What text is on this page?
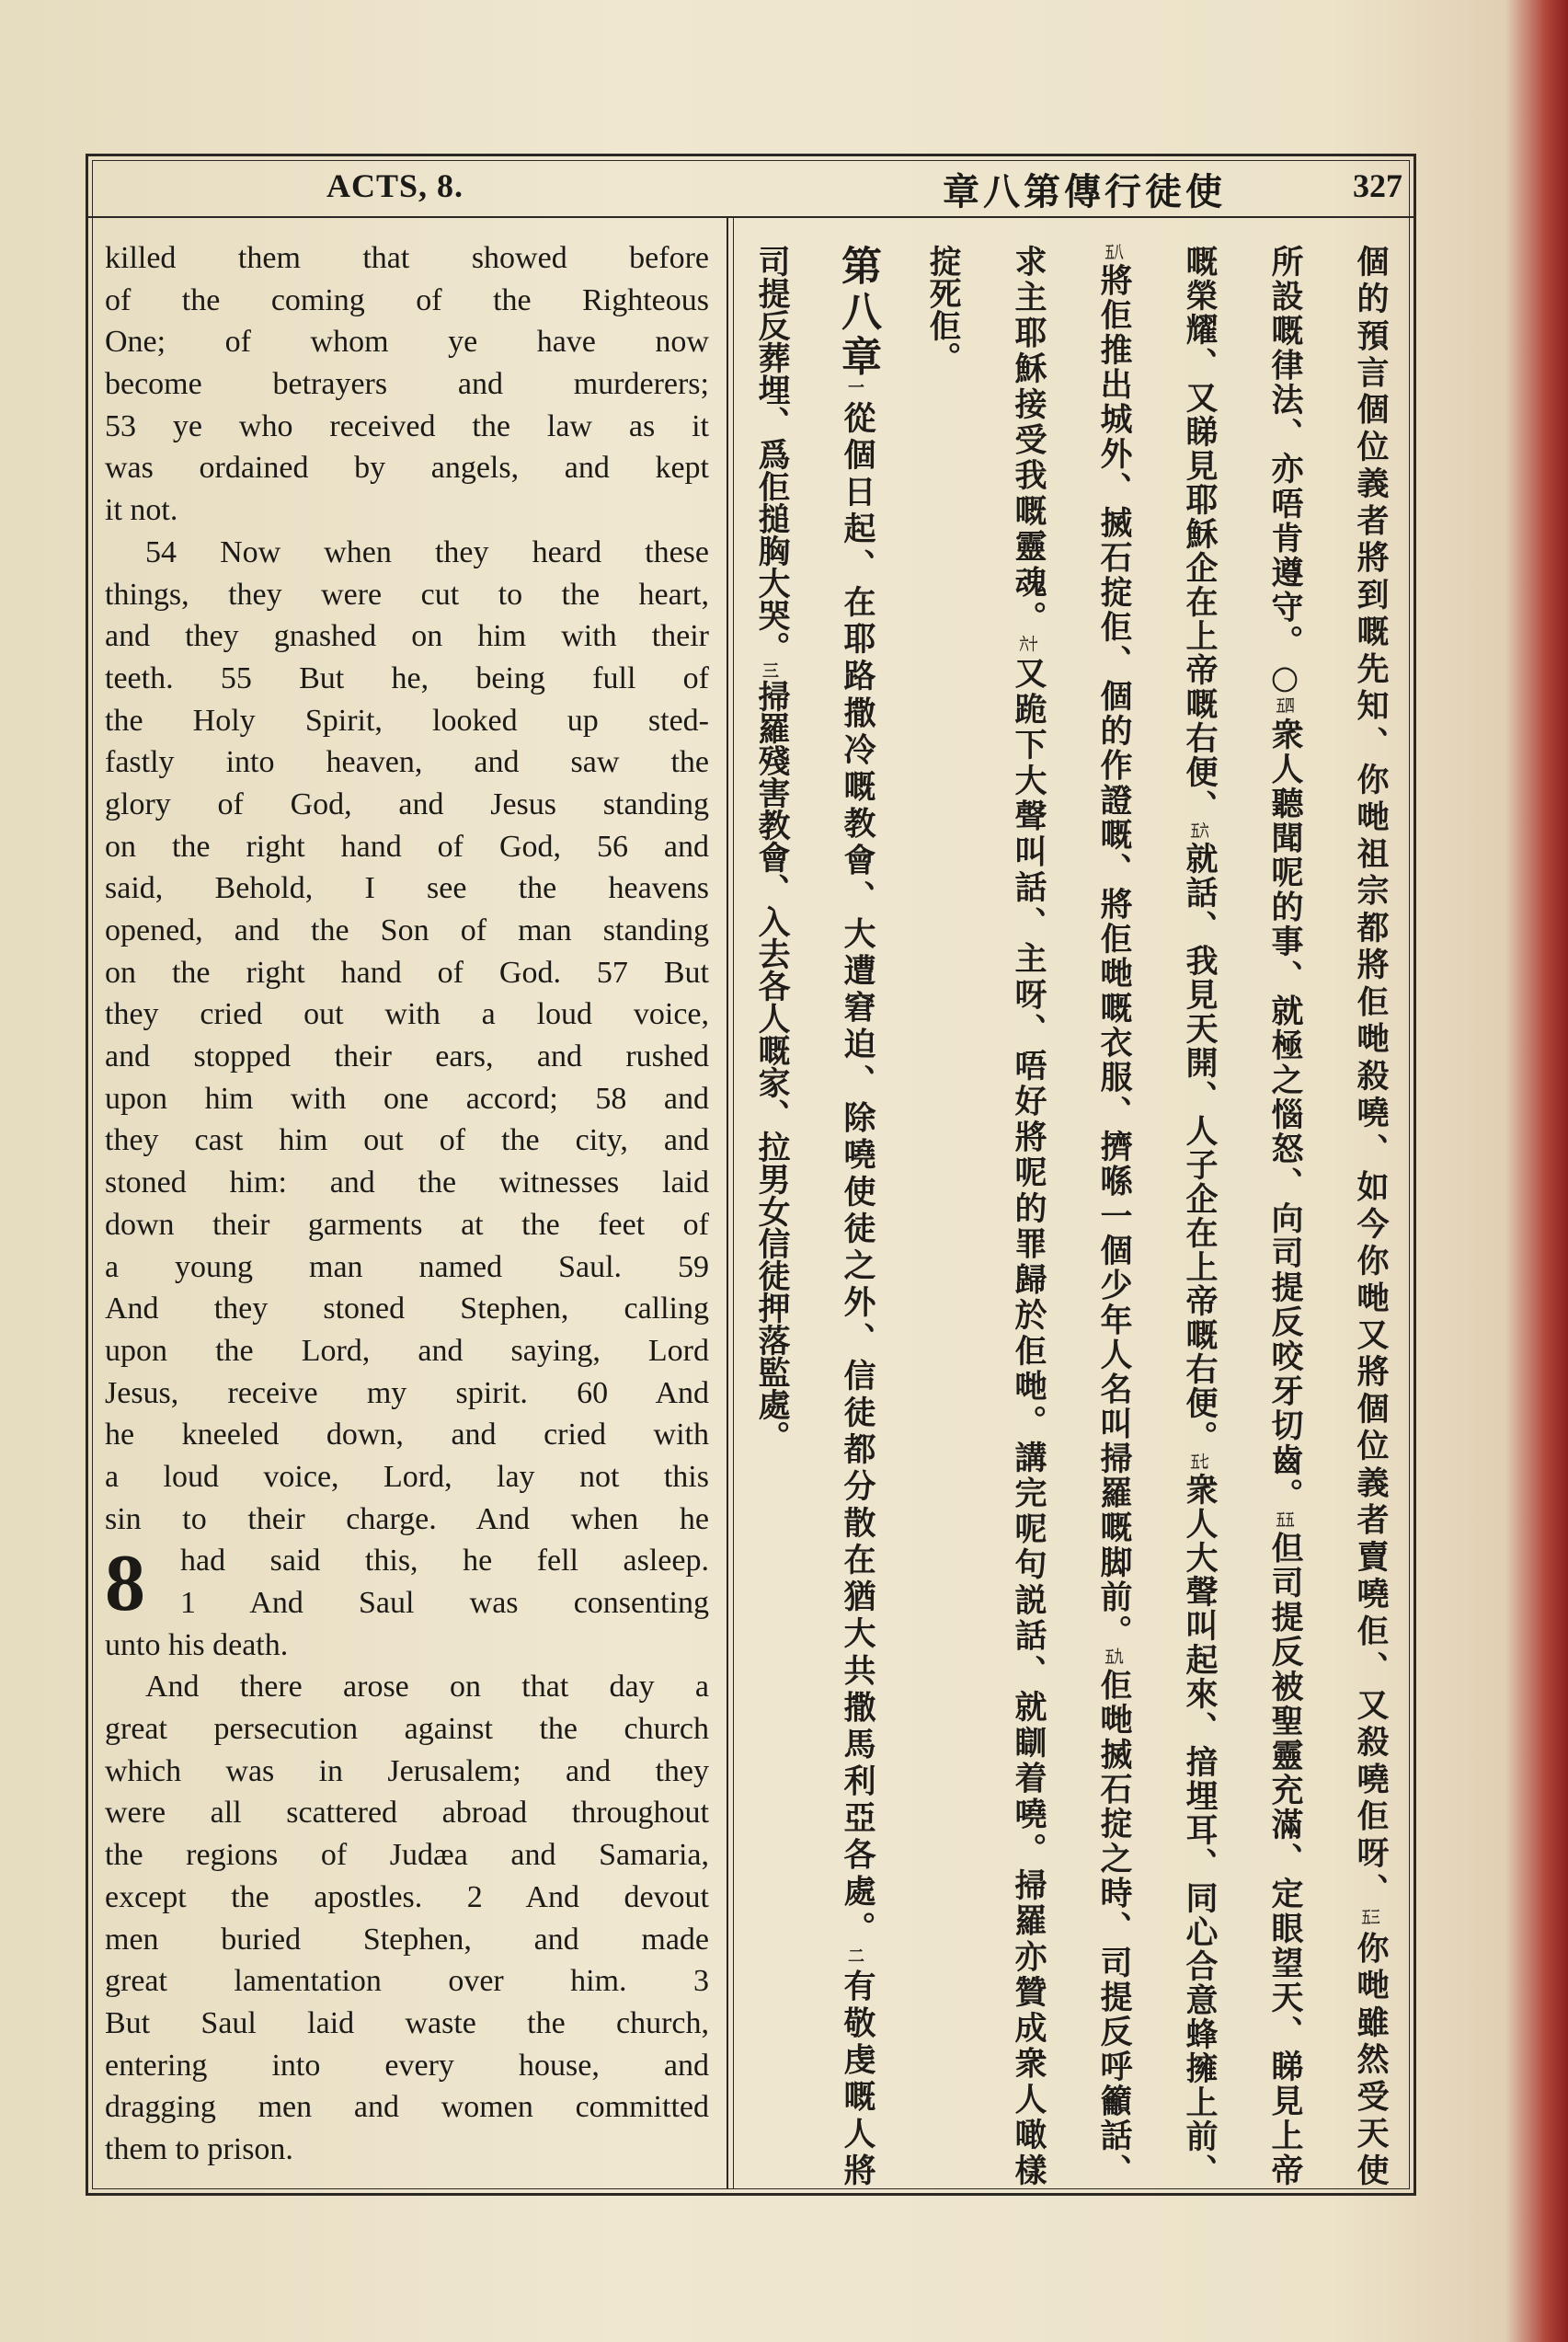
ACTS, 8.	章八第傳行徒使	327
killed them that showed before
of the coming of the Righteous
One; of whom ye have now
become betrayers and murderers;
53 ye who received the law as it
was ordained by angels, and kept
it not.
54 Now when they heard these
things, they were cut to the heart,
and they gnashed on him with their
teeth. 55 But he, being full of
the Holy Spirit, looked up sted-
fastly into heaven, and saw the
glory of God, and Jesus standing
on the right hand of God, 56 and
said, Behold, I see the heavens
opened, and the Son of man standing
on the right hand of God. 57 But
they cried out with a loud voice,
and stopped their ears, and rushed
upon him with one accord; 58 and
they cast him out of the city, and
stoned him: and the witnesses laid
down their garments at the feet of
a young man named Saul. 59
And they stoned Stephen, calling
upon the Lord, and saying, Lord
Jesus, receive my spirit. 60 And
he kneeled down, and cried with
a loud voice, Lord, lay not this
sin to their charge. And when he
had said this, he fell asleep.
1 And Saul was consenting
unto his death.
And there arose on that day a
great persecution against the church
which was in Jerusalem; and they
were all scattered abroad throughout
the regions of Judæa and Samaria,
except the apostles. 2 And devout
men buried Stephen, and made
great lamentation over him. 3
But Saul laid waste the church,
entering into every house, and
dragging men and women committed
them to prison.
8	個的預言個位義者將到嘅先知、你哋祖宗都將佢哋殺嘵、如今你哋又將個位義者賣嘵佢、又殺嘵佢呀、五三你哋雖然受天使
所設嘅律法、亦唔肯遵守。○五四衆人聽聞呢的事、就極之惱怒、向司提反咬牙切齒。五五但司提反被聖靈充滿、定眼望天、睇見上帝
嘅榮耀、又睇見耶穌企在上帝嘅右便、五六就話、我見天開、人子企在上帝嘅右便。五七衆人大聲叫起來、揞埋耳、同心合意蜂擁上前、
五八將佢推出城外、搣石掟佢、個的作證嘅、將佢哋嘅衣服、擠喺一個少年人名叫掃羅嘅脚前。五九佢哋搣石掟之時、司提反呼籲話、
求主耶穌接受我嘅靈魂。六十又跪下大聲叫話、主呀、唔好將呢的罪歸於佢哋。講完呢句説話、就瞓着嘵。掃羅亦贊成衆人噉樣
掟死佢。
第八章一從個日起、在耶路撒冷嘅教會、大遭窘迫、除嘵使徒之外、信徒都分散在猶大共撒馬利亞各處。二有敬虔嘅人將
司提反葬埋、爲佢搥胸大哭。三掃羅殘害教會、入去各人嘅家、拉男女信徒押落監處。
